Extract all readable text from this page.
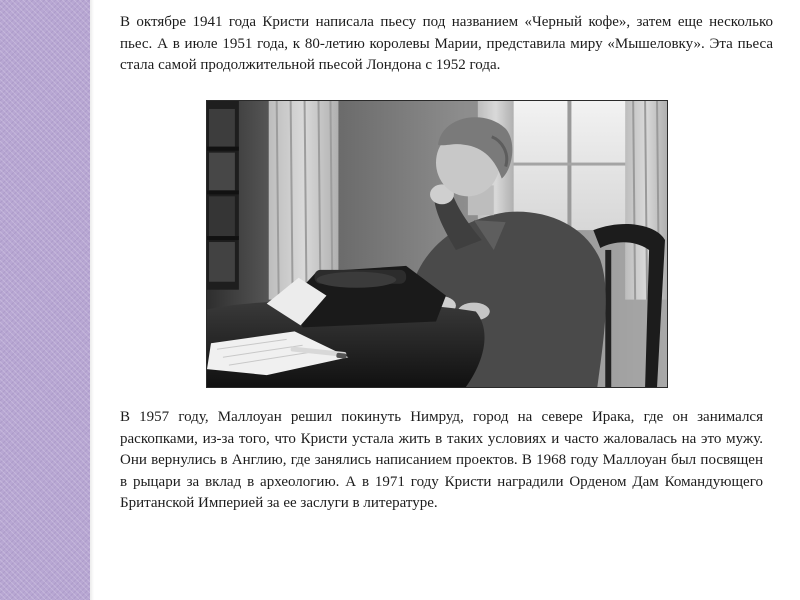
В октябре 1941 года Кристи написала пьесу под названием «Черный кофе», затем еще несколько пьес. А в июле 1951 года, к 80-летию королевы Марии, представила миру «Мышеловку». Эта пьеса стала самой продолжительной пьесой Лондона с 1952 года.

В 1957 году, Маллоуан решил покинуть Нимруд, город на севере Ирака, где он занимался раскопками, из-за того, что Кристи устала жить в таких условиях и часто жаловалась на это мужу. Они вернулись в Англию, где занялись написанием проектов. В 1968 году Маллоуан был посвящен в рыцари за вклад в археологию. А в 1971 году Кристи наградили Орденом Дам Командующего Британской Империей за ее заслуги в литературе.
